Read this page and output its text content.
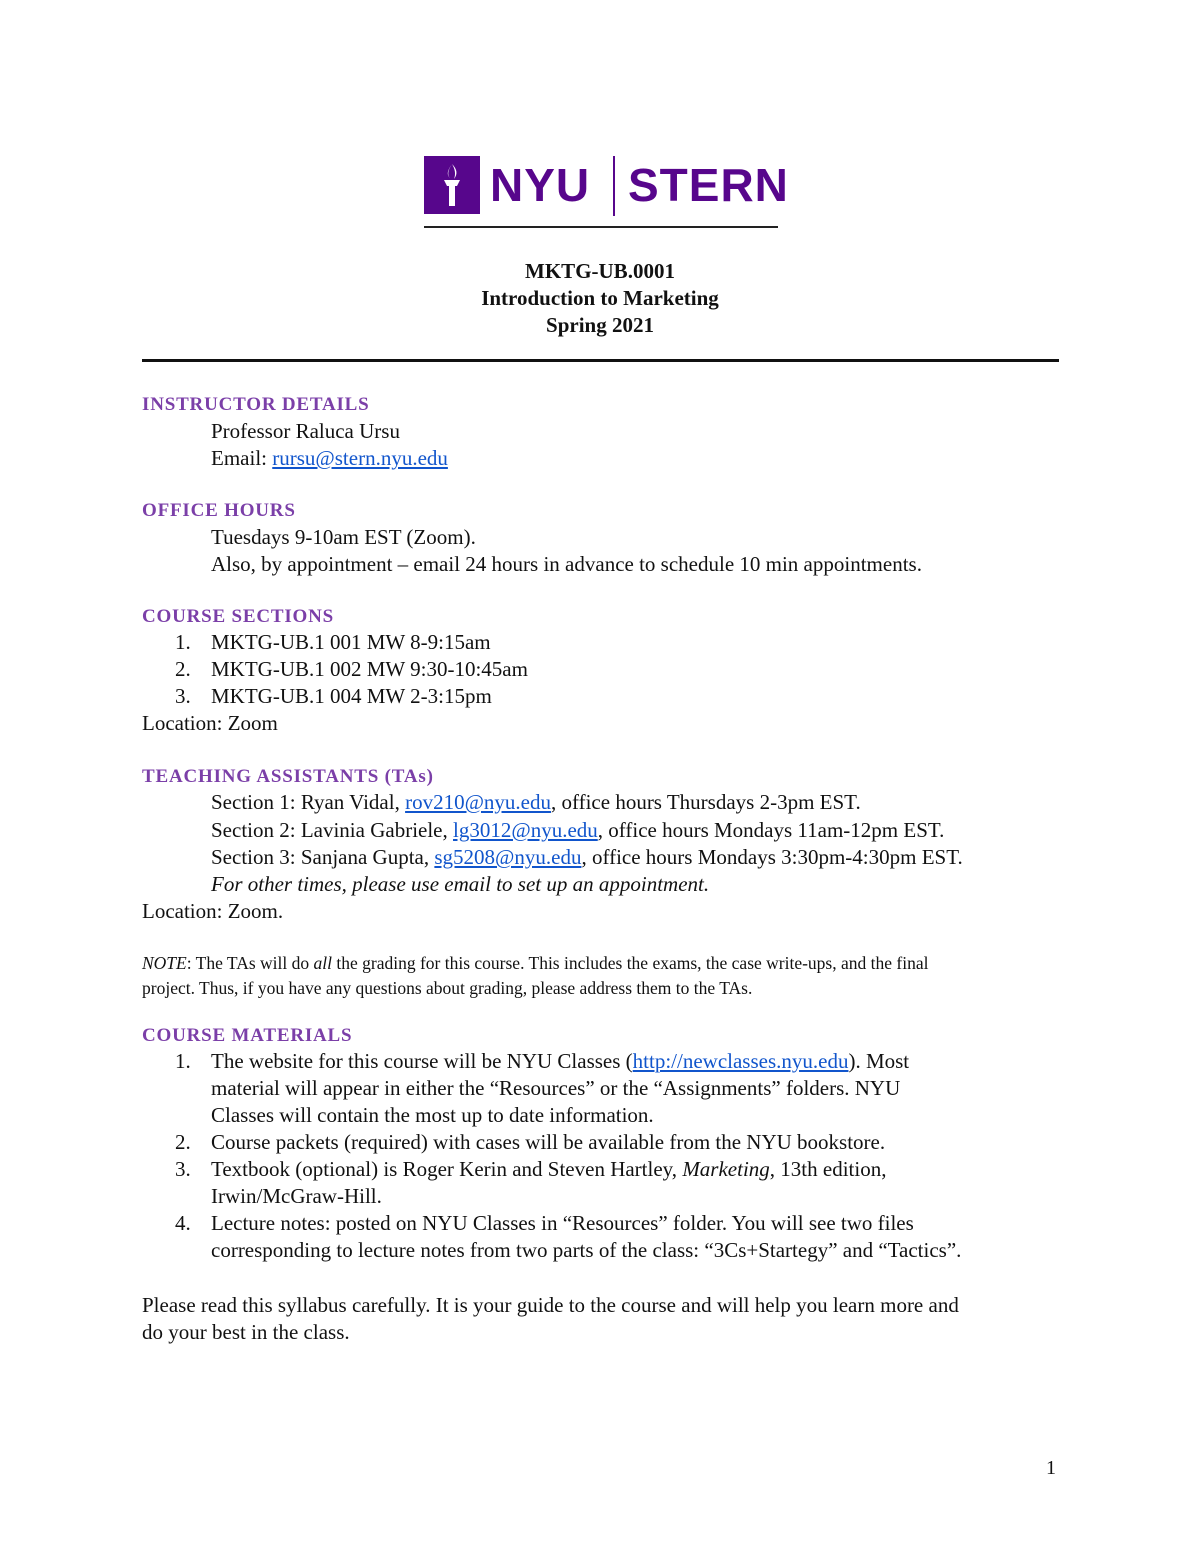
NYU STERN
MKTG-UB.0001
Introduction to Marketing
Spring 2021
INSTRUCTOR DETAILS
Professor Raluca Ursu
Email: rursu@stern.nyu.edu
OFFICE HOURS
Tuesdays 9-10am EST (Zoom).
Also, by appointment – email 24 hours in advance to schedule 10 min appointments.
COURSE SECTIONS
1. MKTG-UB.1 001 MW 8-9:15am
2. MKTG-UB.1 002 MW 9:30-10:45am
3. MKTG-UB.1 004 MW 2-3:15pm
Location: Zoom
TEACHING ASSISTANTS (TAs)
Section 1: Ryan Vidal, rov210@nyu.edu, office hours Thursdays 2-3pm EST.
Section 2: Lavinia Gabriele, lg3012@nyu.edu, office hours Mondays 11am-12pm EST.
Section 3: Sanjana Gupta, sg5208@nyu.edu, office hours Mondays 3:30pm-4:30pm EST.
For other times, please use email to set up an appointment.
Location: Zoom.
NOTE: The TAs will do all the grading for this course. This includes the exams, the case write-ups, and the final
project. Thus, if you have any questions about grading, please address them to the TAs.
COURSE MATERIALS
1. The website for this course will be NYU Classes (http://newclasses.nyu.edu). Most
material will appear in either the “Resources” or the “Assignments” folders. NYU
Classes will contain the most up to date information.
2. Course packets (required) with cases will be available from the NYU bookstore.
3. Textbook (optional) is Roger Kerin and Steven Hartley, Marketing, 13th edition,
Irwin/McGraw-Hill.
4. Lecture notes: posted on NYU Classes in “Resources” folder. You will see two files
corresponding to lecture notes from two parts of the class: “3Cs+Startegy” and “Tactics”.
Please read this syllabus carefully. It is your guide to the course and will help you learn more and
do your best in the class.
1
